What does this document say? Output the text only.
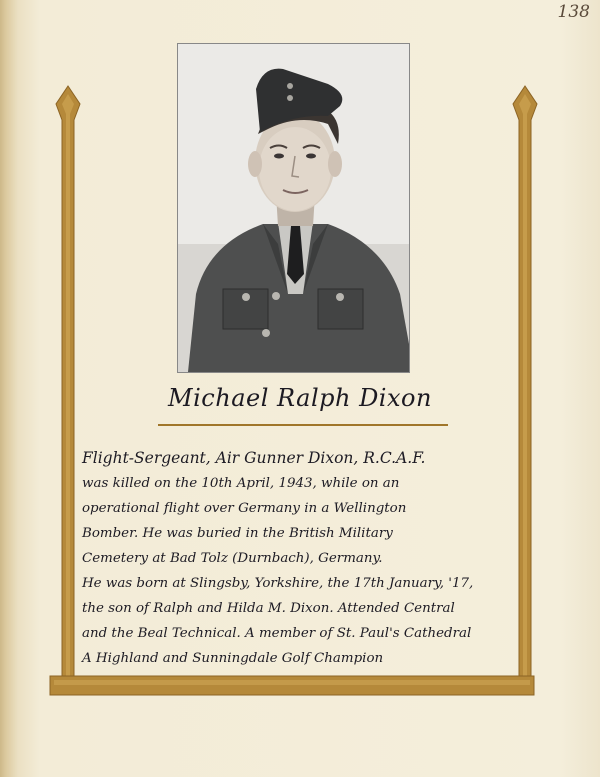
138
Michael Ralph Dixon
Flight-Sergeant, Air Gunner Dixon, R.C.A.F.
was killed on the 10th April, 1943, while on an
operational flight over Germany in a Wellington
Bomber. He was buried in the British Military
Cemetery at Bad Tolz (Durnbach), Germany.
He was born at Slingsby, Yorkshire, the 17th January, '17,
the son of Ralph and Hilda M. Dixon. Attended Central
and the Beal Technical. A member of St. Paul's Cathedral
A Highland and Sunningdale Golf Champion
